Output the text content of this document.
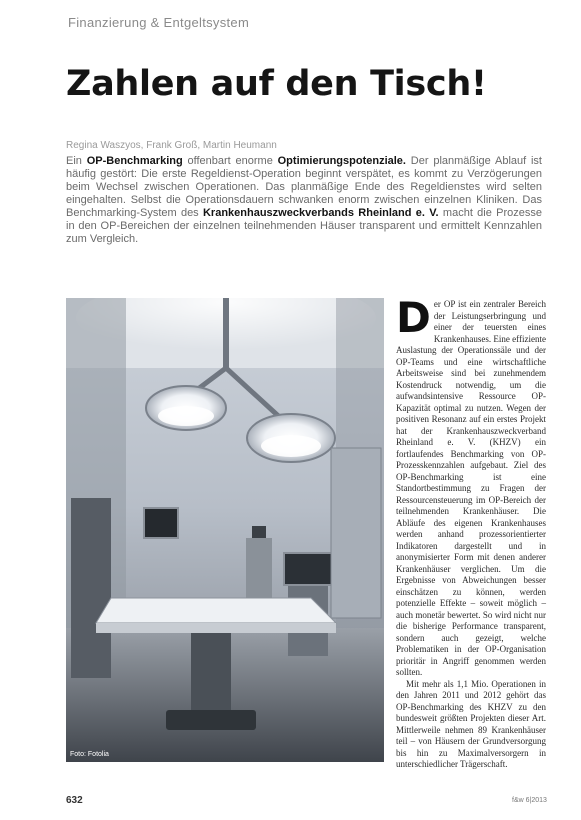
Finanzierung & Entgeltsystem
Zahlen auf den Tisch!
Regina Waszyos, Frank Groß, Martin Heumann

Ein OP-Benchmarking offenbart enorme Optimierungspotenziale. Der planmäßige Ablauf ist häufig gestört: Die erste Regeldienst-Operation beginnt verspätet, es kommt zu Verzögerungen beim Wechsel zwischen Operationen. Das planmäßige Ende des Regeldienstes wird selten eingehalten. Selbst die Operationsdauern schwanken enorm zwischen einzelnen Kliniken. Das Benchmarking-System des Krankenhauszweckverbands Rheinland e. V. macht die Prozesse in den OP-Bereichen der einzelnen teilnehmenden Häuser transparent und ermittelt Kennzahlen zum Vergleich.

Foto: Fotolia

Der OP ist ein zentraler Bereich der Leistungserbringung und einer der teuersten eines Krankenhauses. Eine effiziente Auslastung der Operationssäle und der OP-Teams und eine wirtschaftliche Arbeitsweise sind bei zunehmendem Kostendruck notwendig, um die aufwandsintensive Ressource OP-Kapazität optimal zu nutzen. Wegen der positiven Resonanz auf ein erstes Projekt hat der Krankenhauszweckverband Rheinland e. V. (KHZV) ein fortlaufendes Benchmarking von OP-Prozesskennzahlen aufgebaut. Ziel des OP-Benchmarking ist eine Standortbestimmung zu Fragen der Ressourcensteuerung im OP-Bereich der teilnehmenden Krankenhäuser. Die Abläufe des eigenen Krankenhauses werden anhand prozessorientierter Indikatoren dargestellt und in anonymisierter Form mit denen anderer Krankenhäuser verglichen. Um die Ergebnisse von Abweichungen besser einschätzen zu können, werden potenzielle Effekte – soweit möglich – auch monetär bewertet. So wird nicht nur die bisherige Performance transparent, sondern auch gezeigt, welche Problematiken in der OP-Organisation prioritär in Angriff genommen werden sollten.

Mit mehr als 1,1 Mio. Operationen in den Jahren 2011 und 2012 gehört das OP-Benchmarking des KHZV zu den bundesweit größten Projekten dieser Art. Mittlerweile nehmen 89 Krankenhäuser teil – von Häusern der Grundversorgung bis hin zu Maximalversorgern in unterschiedlicher Trägerschaft.

632	f&w 6|2013
